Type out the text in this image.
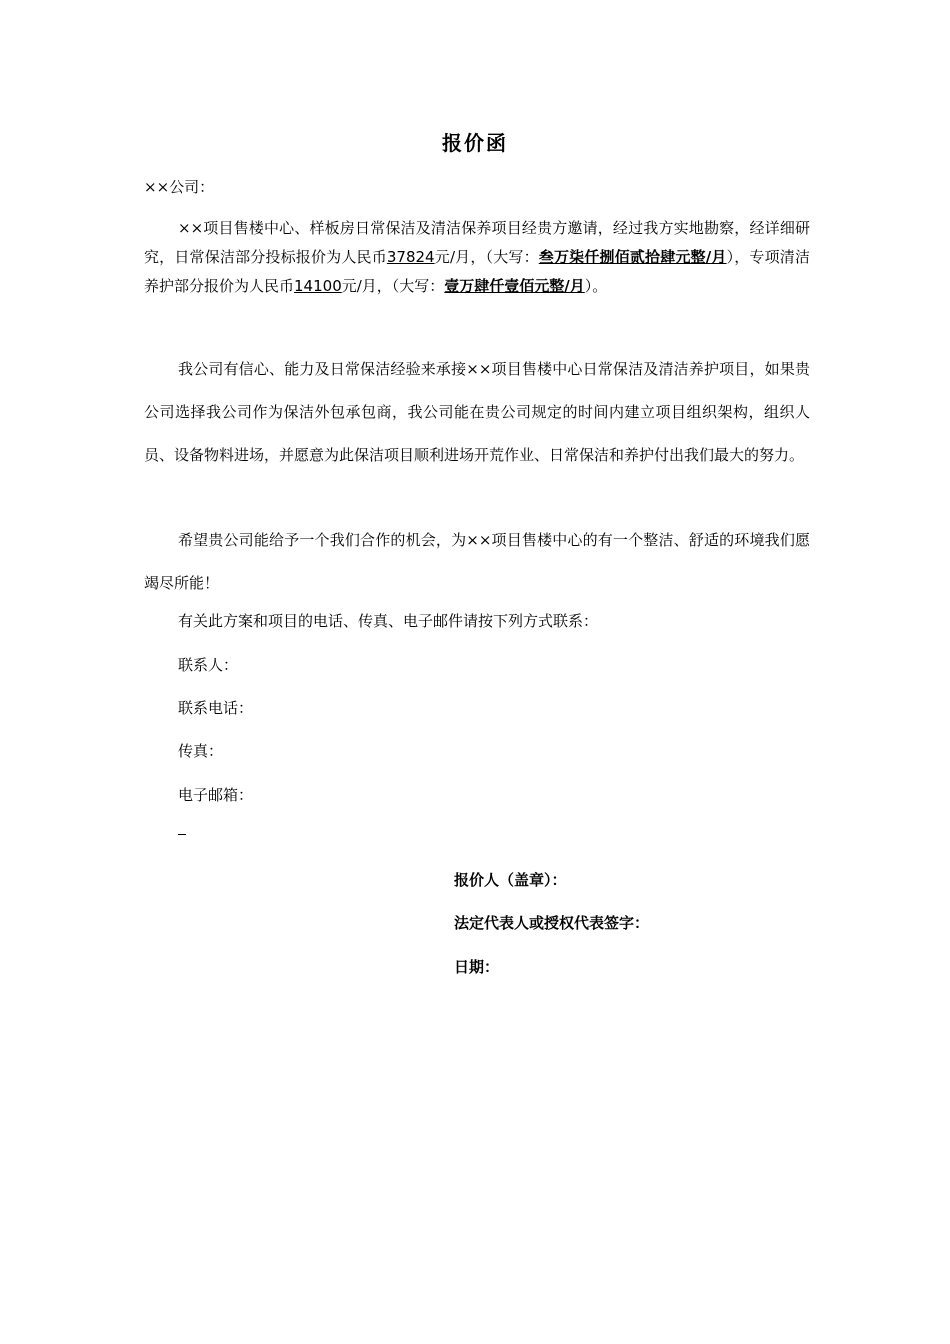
报价函
××公司：
××项目售楼中心、样板房日常保洁及清洁保养项目经贵方邀请，经过我方实地勘察，经详细研究，日常保洁部分投标报价为人民币37824元/月，（大写：叁万柒仟捌佰贰拾肆元整/月），专项清洁养护部分报价为人民币14100元/月，（大写：壹万肆仟壹佰元整/月）。
我公司有信心、能力及日常保洁经验来承接××项目售楼中心日常保洁及清洁养护项目，如果贵公司选择我公司作为保洁外包承包商，我公司能在贵公司规定的时间内建立项目组织架构，组织人员、设备物料进场，并愿意为此保洁项目顺利进场开荒作业、日常保洁和养护付出我们最大的努力。
希望贵公司能给予一个我们合作的机会，为××项目售楼中心的有一个整洁、舒适的环境我们愿竭尽所能！
有关此方案和项目的电话、传真、电子邮件请按下列方式联系：
联系人：
联系电话：
传真：
电子邮箱：
报价人（盖章）：
法定代表人或授权代表签字：
日期：
